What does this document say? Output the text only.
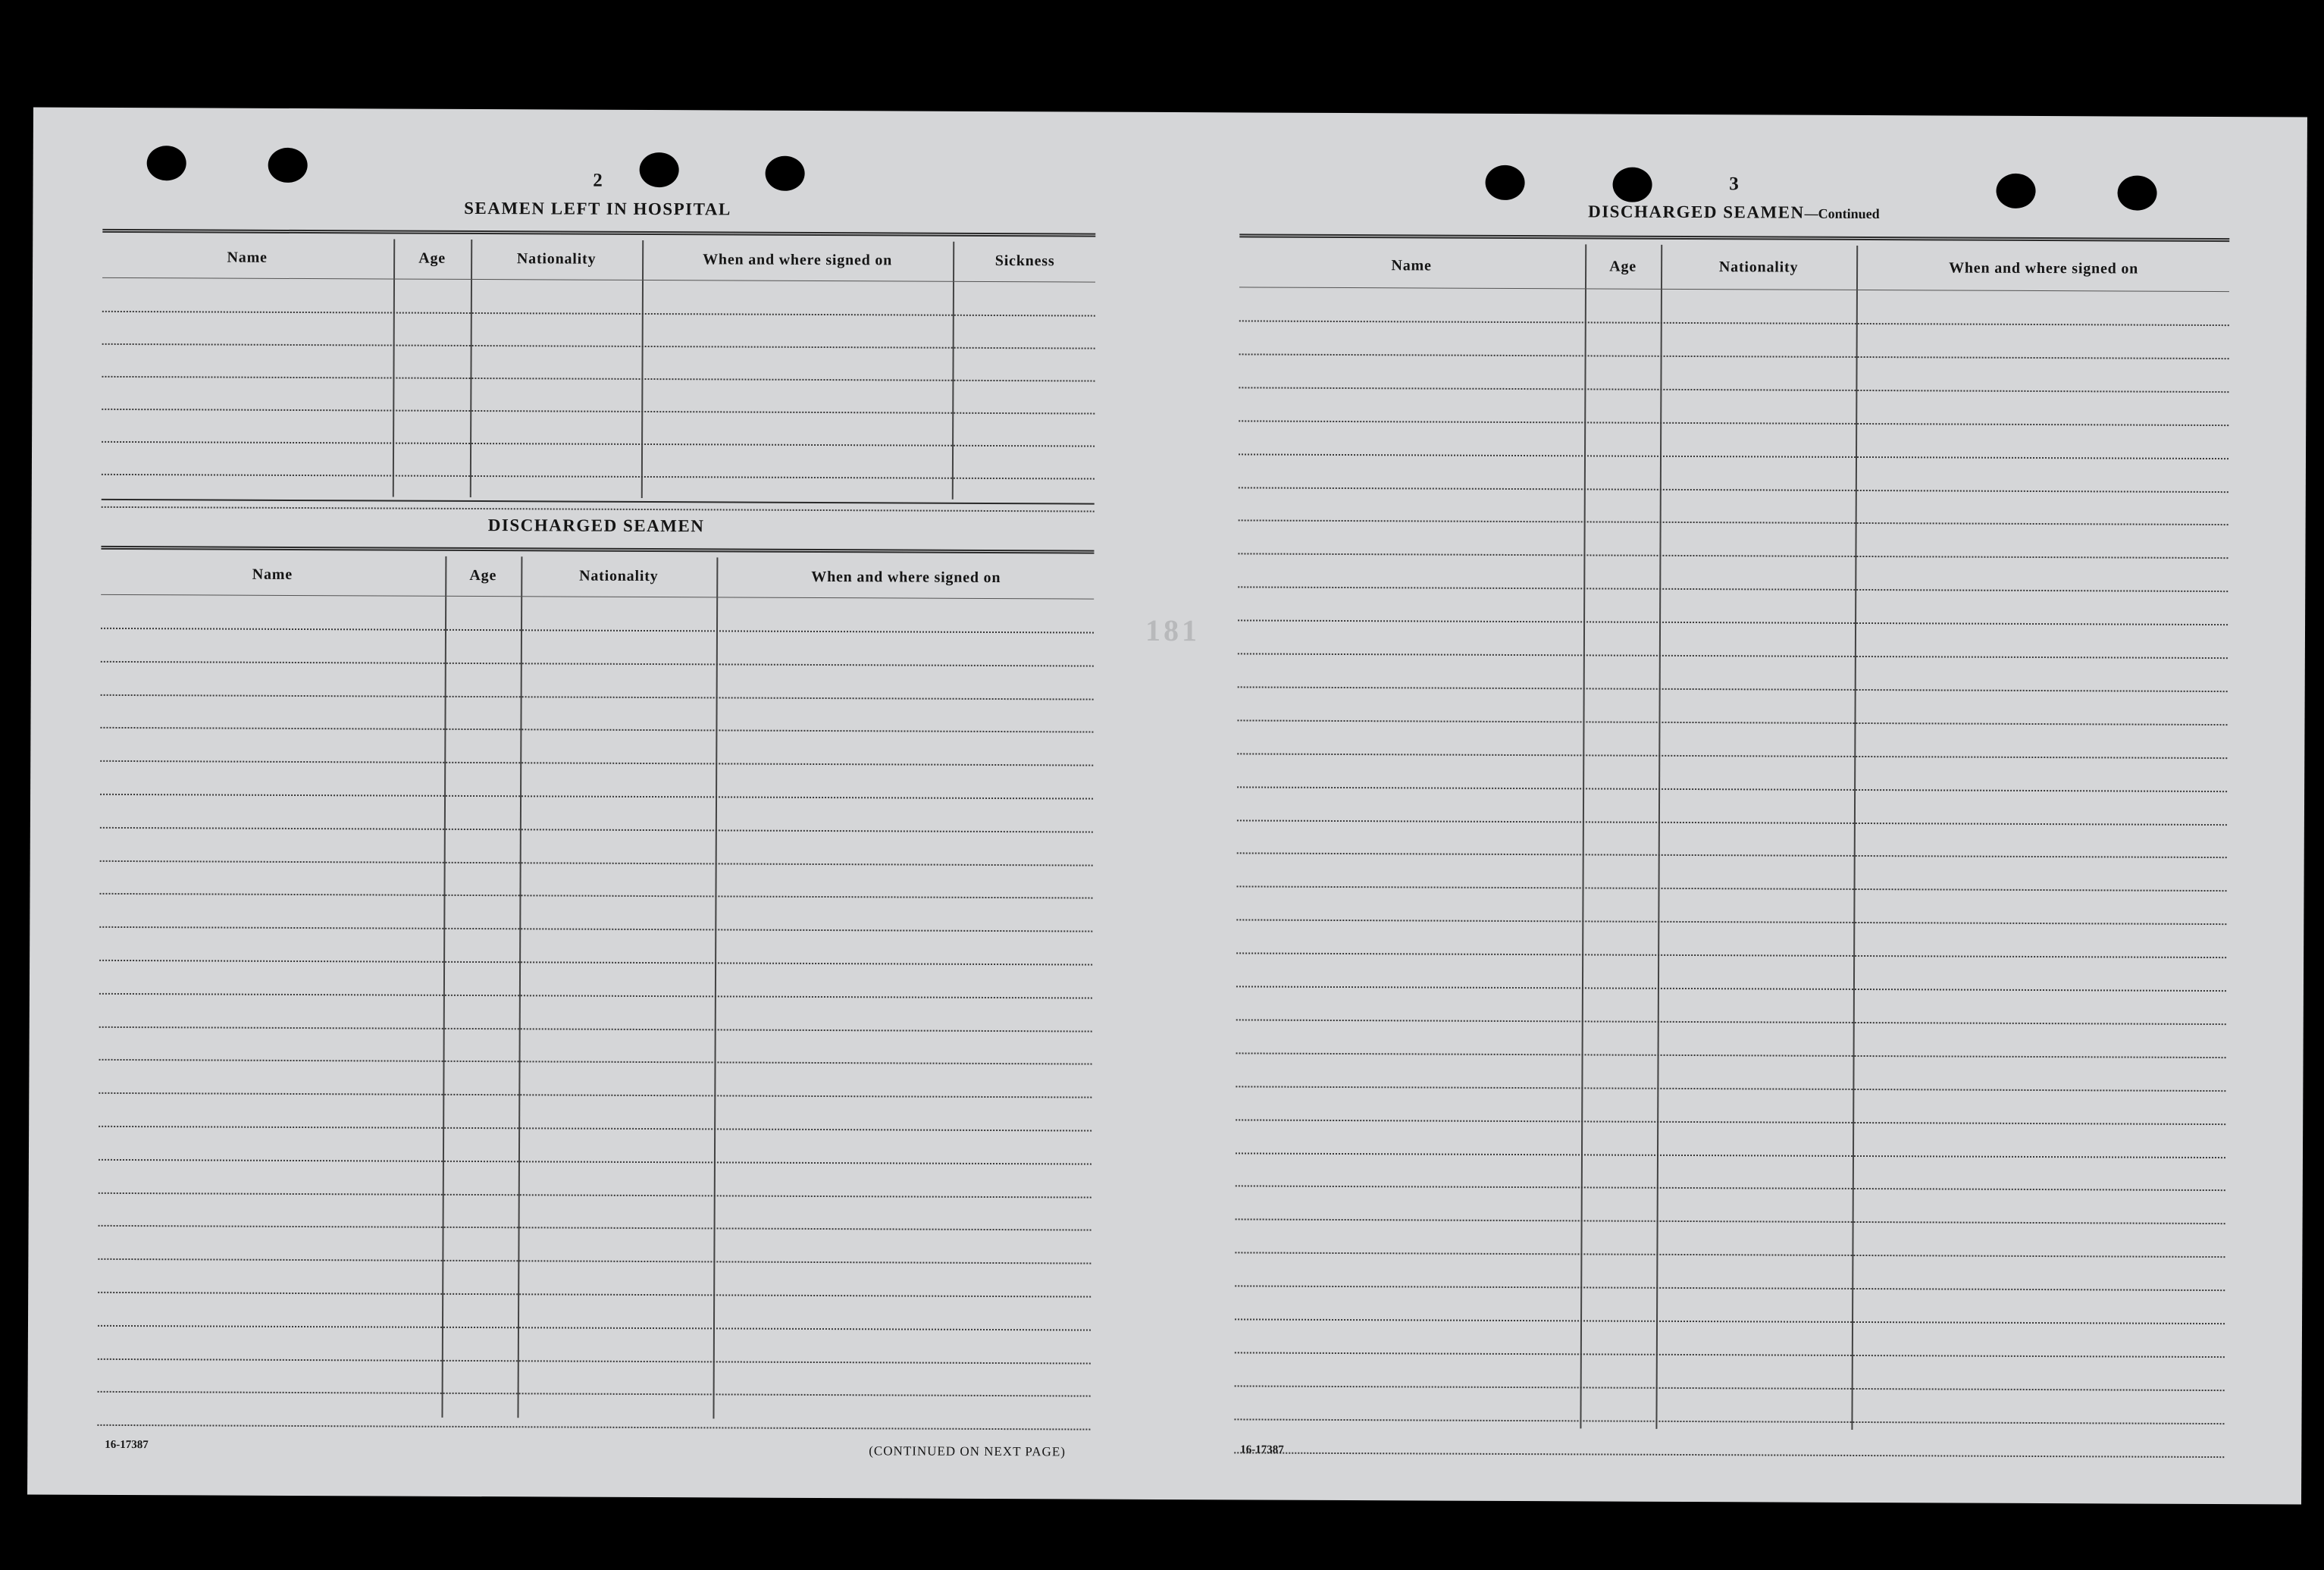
181
2
SEAMEN LEFT IN HOSPITAL
Name	Age	Nationality	When and where signed on	Sickness
DISCHARGED SEAMEN
Name	Age	Nationality	When and where signed on
16-17387	(CONTINUED ON NEXT PAGE)
3
DISCHARGED SEAMEN—Continued
Name	Age	Nationality	When and where signed on
16-17387
